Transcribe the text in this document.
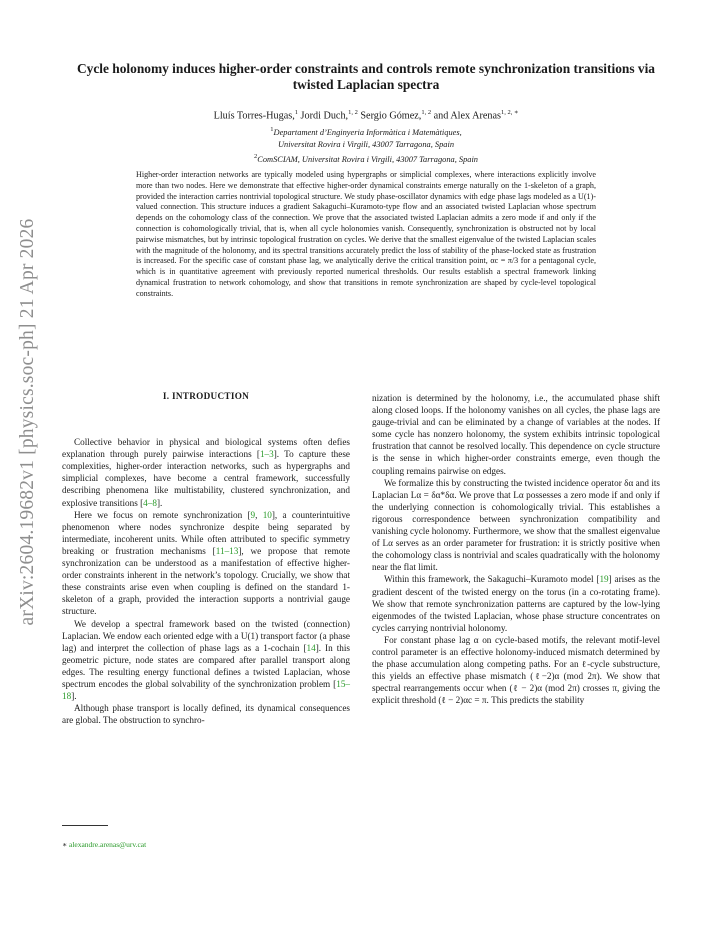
arXiv:2604.19682v1 [physics.soc-ph] 21 Apr 2026
Cycle holonomy induces higher-order constraints and controls remote synchronization transitions via twisted Laplacian spectra
Lluís Torres-Hugas,$^1$ Jordi Duch,$^{1, 2}$ Sergio Gómez,$^{1, 2}$ and Alex Arenas$^{1, 2, ∗}$
$^1$Departament d’Enginyeria Informàtica i Matemàtiques,
Universitat Rovira i Virgili, 43007 Tarragona, Spain
$^2$ComSCIAM, Universitat Rovira i Virgili, 43007 Tarragona, Spain
Higher-order interaction networks are typically modeled using hypergraphs or simplicial complexes, where interactions explicitly involve more than two nodes. Here we demonstrate that effective higher-order dynamical constraints emerge naturally on the 1-skeleton of a graph, provided the interaction carries nontrivial topological structure. We study phase-oscillator dynamics with edge phase lags modeled as a U(1)-valued connection. This structure induces a gradient Sakaguchi–Kuramoto-type flow and an associated twisted Laplacian whose spectrum depends on the cohomology class of the connection. We prove that the associated twisted Laplacian admits a zero mode if and only if the connection is cohomologically trivial, that is, when all cycle holonomies vanish. Consequently, synchronization is obstructed not by local pairwise mismatches, but by intrinsic topological frustration on cycles. We derive that the smallest eigenvalue of the twisted Laplacian scales with the magnitude of the holonomy, and its spectral transitions accurately predict the loss of stability of the phase-locked state as frustration is increased. For the specific case of constant phase lag, we analytically derive the critical transition point, αc = π/3 for a pentagonal cycle, which is in quantitative agreement with previously reported numerical thresholds. Our results establish a spectral framework linking dynamical frustration to network cohomology, and show that transitions in remote synchronization are shaped by cycle-level topological constraints.
I. INTRODUCTION

Collective behavior in physical and biological systems often defies explanation through purely pairwise interactions [1–3]. To capture these complexities, higher-order interaction networks, such as hypergraphs and simplicial complexes, have become a central framework, successfully describing phenomena like multistability, clustered synchronization, and explosive transitions [4–8].

Here we focus on remote synchronization [9, 10], a counterintuitive phenomenon where nodes synchronize despite being separated by intermediate, incoherent units. While often attributed to specific symmetry breaking or frustration mechanisms [11–13], we propose that remote synchronization can be understood as a manifestation of effective higher-order constraints inherent in the network’s topology. Crucially, we show that these constraints arise even when coupling is defined on the standard 1-skeleton of a graph, provided the interaction supports a nontrivial gauge structure.

We develop a spectral framework based on the twisted (connection) Laplacian. We endow each oriented edge with a U(1) transport factor (a phase lag) and interpret the collection of phase lags as a 1-cochain [14]. In this geometric picture, node states are compared after parallel transport along edges. The resulting energy functional defines a twisted Laplacian, whose spectrum encodes the global solvability of the synchronization problem [15–18].

Although phase transport is locally defined, its dynamical consequences are global. The obstruction to synchro-

nization is determined by the holonomy, i.e., the accumulated phase shift along closed loops. If the holonomy vanishes on all cycles, the phase lags are gauge-trivial and can be eliminated by a change of variables at the nodes. If some cycle has nonzero holonomy, the system exhibits intrinsic topological frustration that cannot be resolved locally. This dependence on cycle structure is the sense in which higher-order constraints emerge, even though the coupling remains pairwise on edges.

We formalize this by constructing the twisted incidence operator δα and its Laplacian Lα = δα*δα. We prove that Lα possesses a zero mode if and only if the underlying connection is cohomologically trivial. This establishes a rigorous correspondence between synchronization compatibility and vanishing cycle holonomy. Furthermore, we show that the smallest eigenvalue of Lα serves as an order parameter for frustration: it is strictly positive when the cohomology class is nontrivial and scales quadratically with the holonomy near the flat limit.

Within this framework, the Sakaguchi–Kuramoto model [19] arises as the gradient descent of the twisted energy on the torus (in a co-rotating frame). We show that remote synchronization patterns are captured by the low-lying eigenmodes of the twisted Laplacian, whose phase structure concentrates on cycles carrying nontrivial holonomy.

For constant phase lag α on cycle-based motifs, the relevant motif-level control parameter is an effective holonomy-induced mismatch determined by the phase accumulation along competing paths. For an ℓ-cycle substructure, this yields an effective phase mismatch (ℓ−2)α (mod 2π). We show that spectral rearrangements occur when (ℓ − 2)α (mod 2π) crosses π, giving the explicit threshold (ℓ − 2)αc = π. This predicts the stability

∗ alexandre.arenas@urv.cat
